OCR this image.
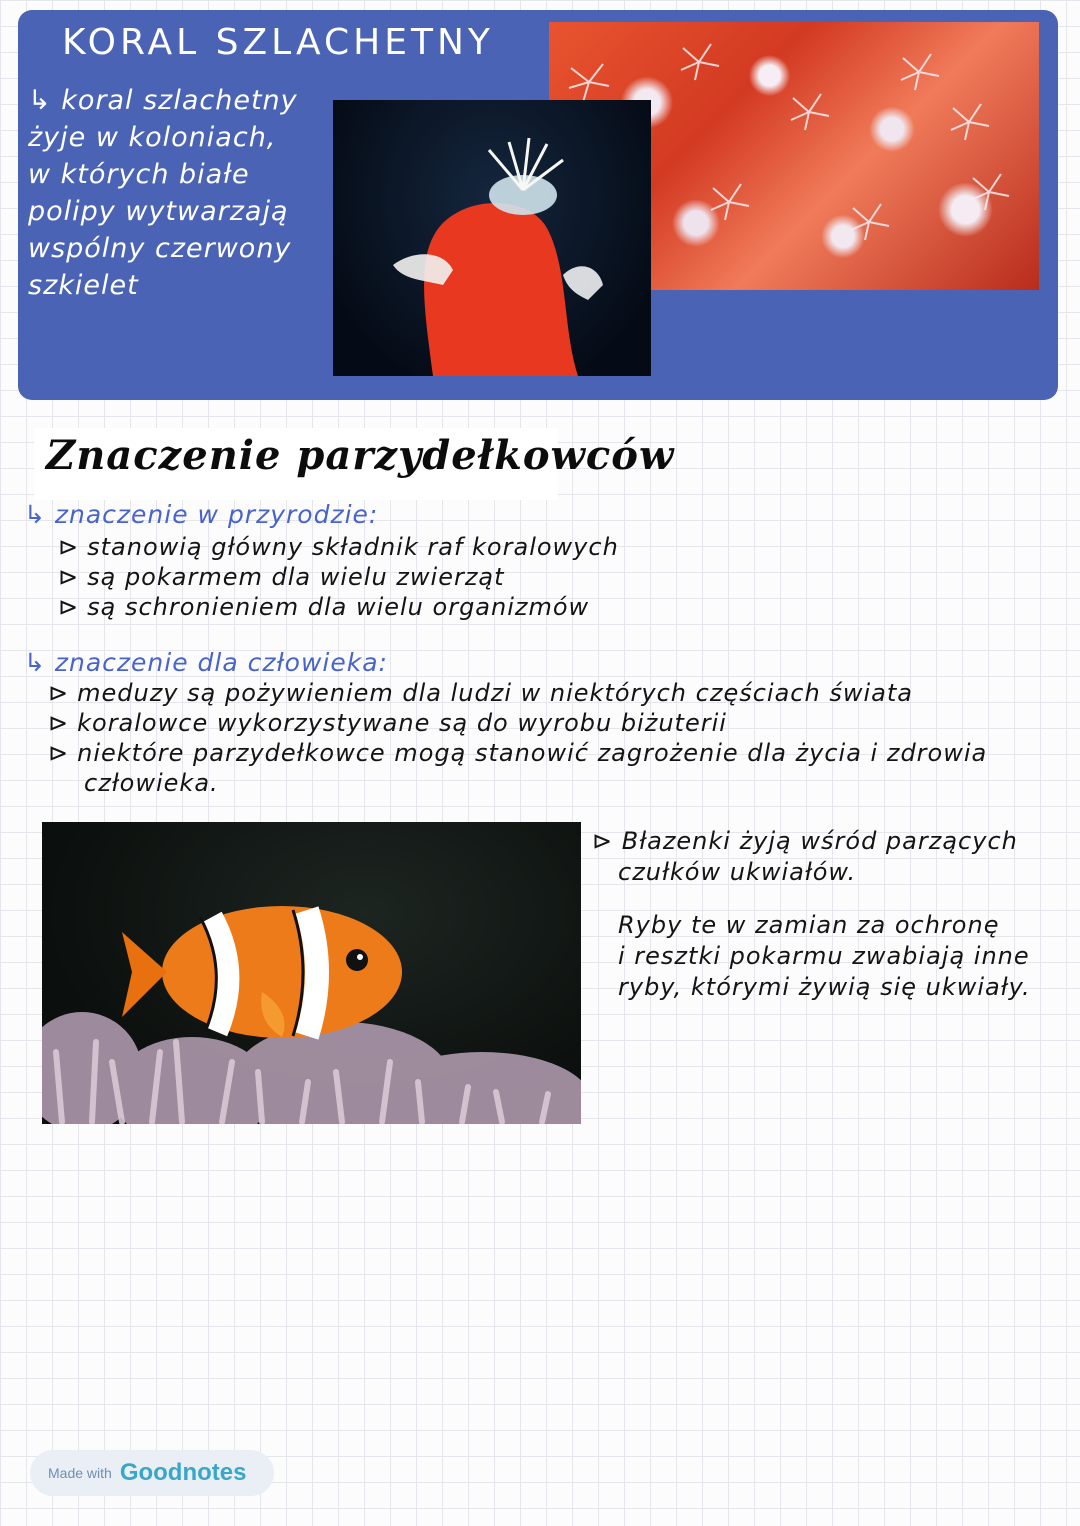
KORAL SZLACHETNY
↳ koral szlachetny
żyje w koloniach,
w których białe
polipy wytwarzają
wspólny czerwony
szkielet
Znaczenie parzydełkowców
↳ znaczenie w przyrodzie:
⊳ stanowią główny składnik raf koralowych
⊳ są pokarmem dla wielu zwierząt
⊳ są schronieniem dla wielu organizmów
↳ znaczenie dla człowieka:
⊳ meduzy są pożywieniem dla ludzi w niektórych częściach świata
⊳ koralowce wykorzystywane są do wyrobu biżuterii
⊳ niektóre parzydełkowce mogą stanowić zagrożenie dla życia i zdrowia
człowieka.

⊳ Błazenki żyją wśród parzących
czułków ukwiałów.

Ryby te w zamian za ochronę
i resztki pokarmu zwabiają inne
ryby, którymi żywią się ukwiały.

Made with Goodnotes
